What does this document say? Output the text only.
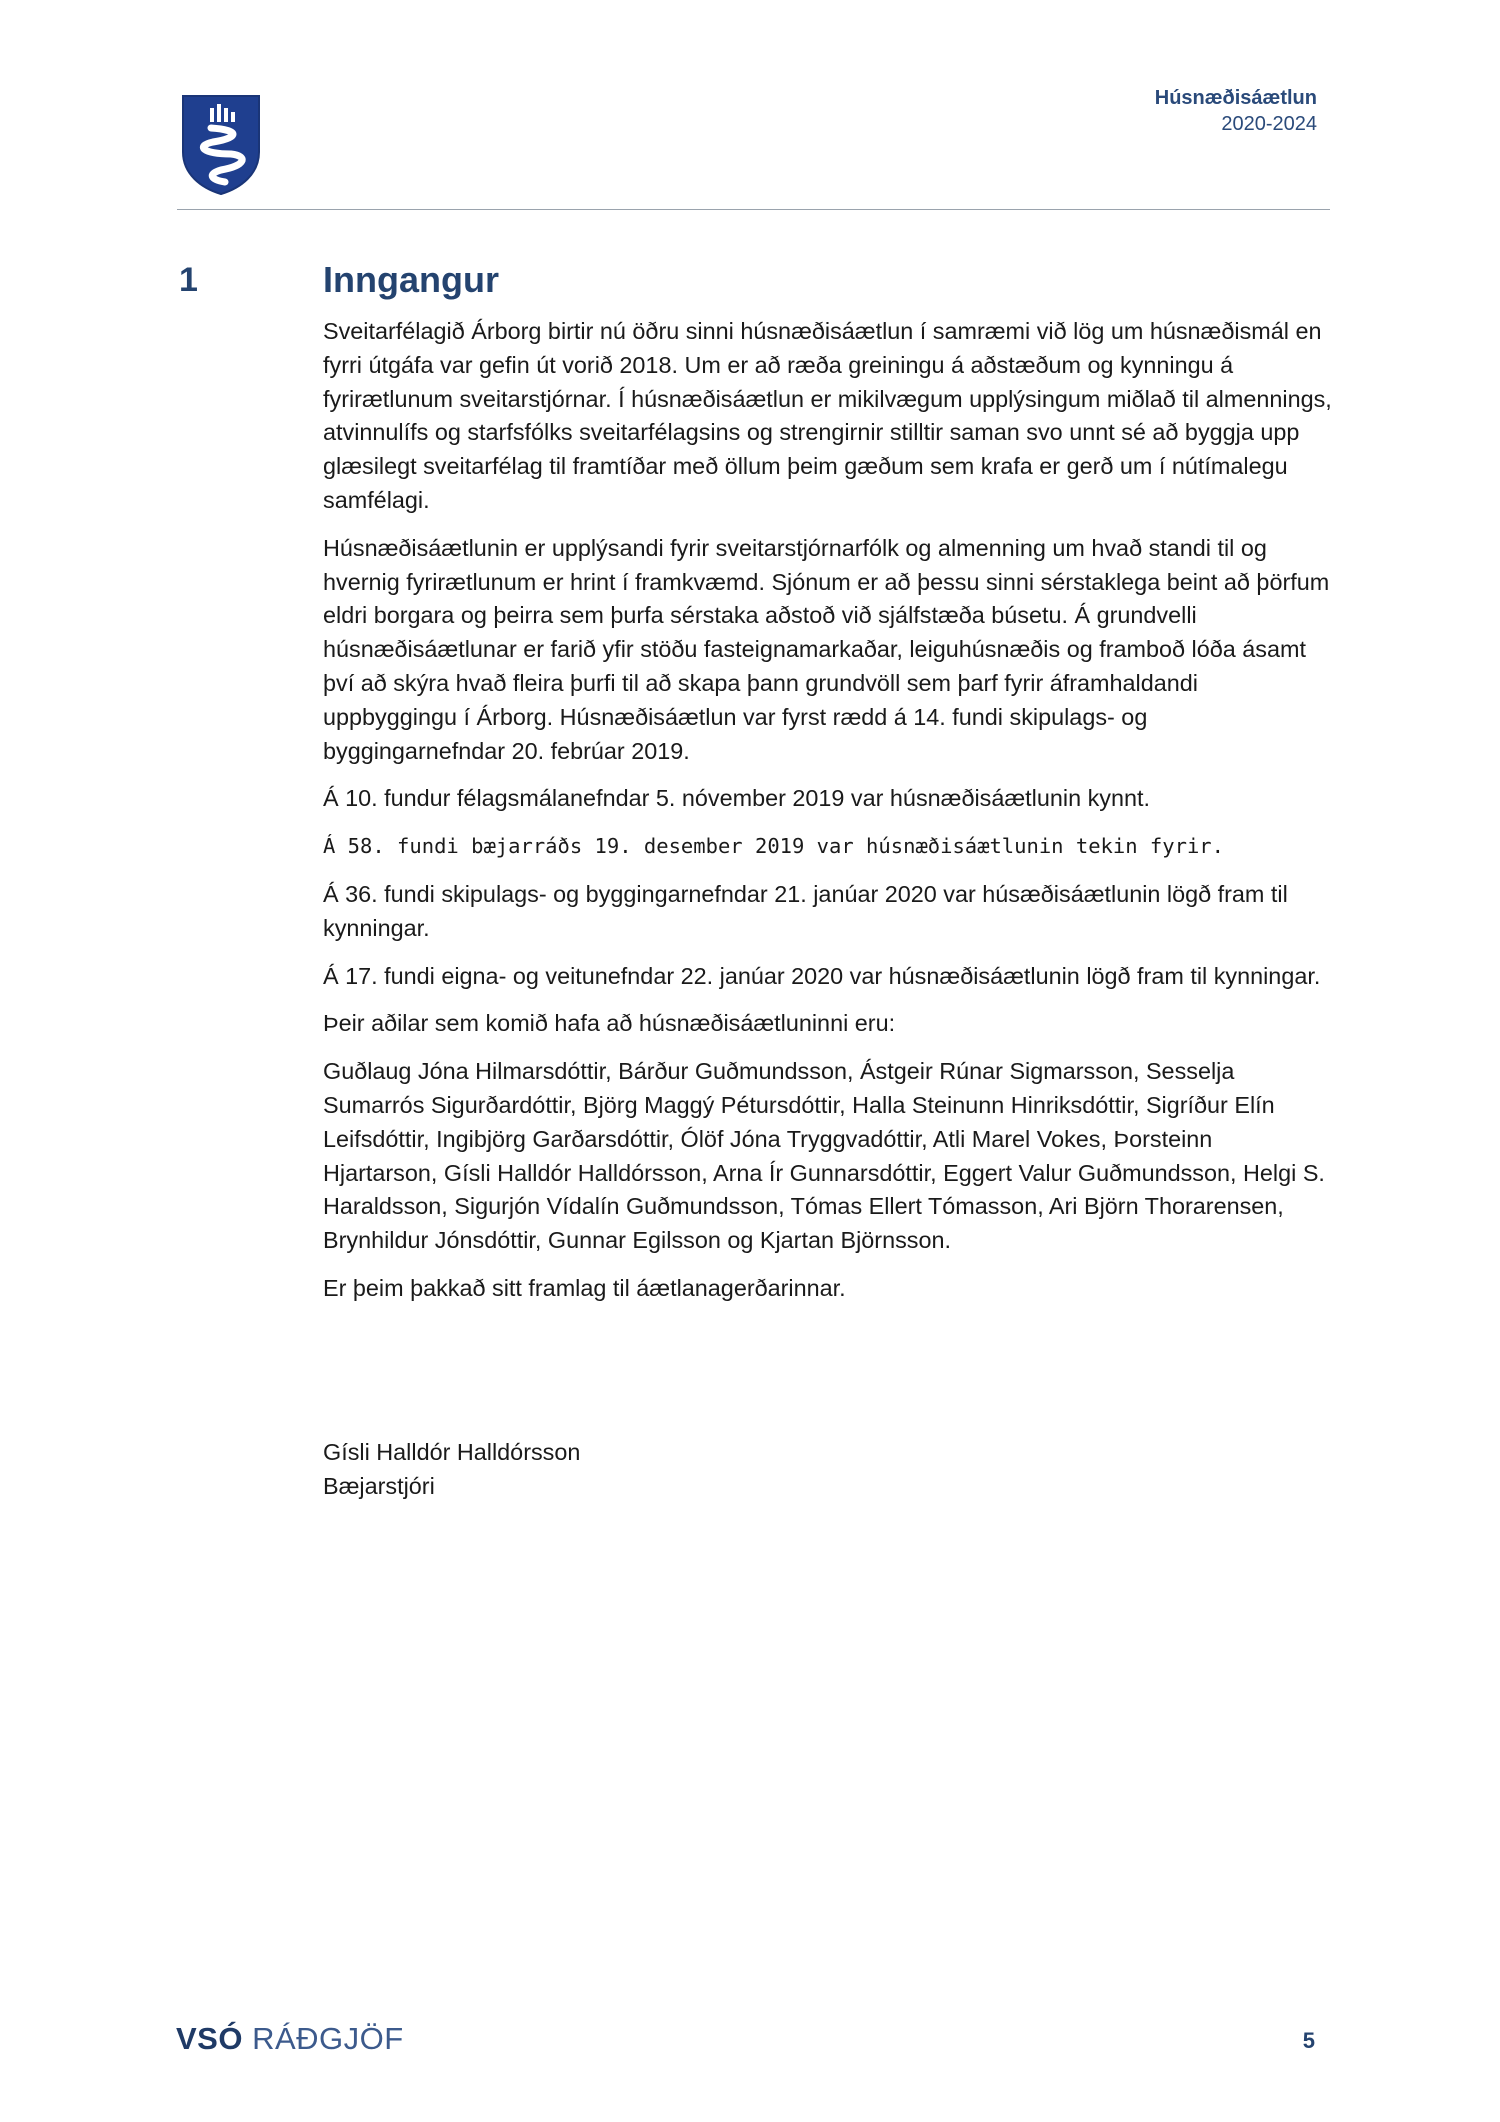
Húsnæðisáætlun
2020-2024
1	Inngangur

Sveitarfélagið Árborg birtir nú öðru sinni húsnæðisáætlun í samræmi við lög um húsnæðismál en fyrri útgáfa var gefin út vorið 2018. Um er að ræða greiningu á aðstæðum og kynningu á fyrirætlunum sveitarstjórnar. Í húsnæðisáætlun er mikilvægum upplýsingum miðlað til almennings, atvinnulífs og starfsfólks sveitarfélagsins og strengirnir stilltir saman svo unnt sé að byggja upp glæsilegt sveitarfélag til framtíðar með öllum þeim gæðum sem krafa er gerð um í nútímalegu samfélagi.

Húsnæðisáætlunin er upplýsandi fyrir sveitarstjórnarfólk og almenning um hvað standi til og hvernig fyrirætlunum er hrint í framkvæmd. Sjónum er að þessu sinni sérstaklega beint að þörfum eldri borgara og þeirra sem þurfa sérstaka aðstoð við sjálfstæða búsetu. Á grundvelli húsnæðisáætlunar er farið yfir stöðu fasteignamarkaðar, leiguhúsnæðis og framboð lóða ásamt því að skýra hvað fleira þurfi til að skapa þann grundvöll sem þarf fyrir áframhaldandi uppbyggingu í Árborg. Húsnæðisáætlun var fyrst rædd á 14. fundi skipulags- og byggingarnefndar 20. febrúar 2019.

Á 10. fundur félagsmálanefndar 5. nóvember 2019 var húsnæðisáætlunin kynnt.

Á 58. fundi bæjarráðs 19. desember 2019 var húsnæðisáætlunin tekin fyrir.

Á 36. fundi skipulags- og byggingarnefndar 21. janúar 2020 var húsæðisáætlunin lögð fram til kynningar.

Á 17. fundi eigna- og veitunefndar 22. janúar 2020 var húsnæðisáætlunin lögð fram til kynningar.

Þeir aðilar sem komið hafa að húsnæðisáætluninni eru:

Guðlaug Jóna Hilmarsdóttir, Bárður Guðmundsson, Ástgeir Rúnar Sigmarsson, Sesselja Sumarrós Sigurðardóttir, Björg Maggý Pétursdóttir, Halla Steinunn Hinriksdóttir, Sigríður Elín Leifsdóttir, Ingibjörg Garðarsdóttir, Ólöf Jóna Tryggvadóttir, Atli Marel Vokes, Þorsteinn Hjartarson, Gísli Halldór Halldórsson, Arna Ír Gunnarsdóttir, Eggert Valur Guðmundsson, Helgi S. Haraldsson, Sigurjón Vídalín Guðmundsson, Tómas Ellert Tómasson, Ari Björn Thorarensen, Brynhildur Jónsdóttir, Gunnar Egilsson og Kjartan Björnsson.

Er þeim þakkað sitt framlag til áætlanagerðarinnar.

Gísli Halldór Halldórsson
Bæjarstjóri
VSÓ RÁÐGJÖF	5
